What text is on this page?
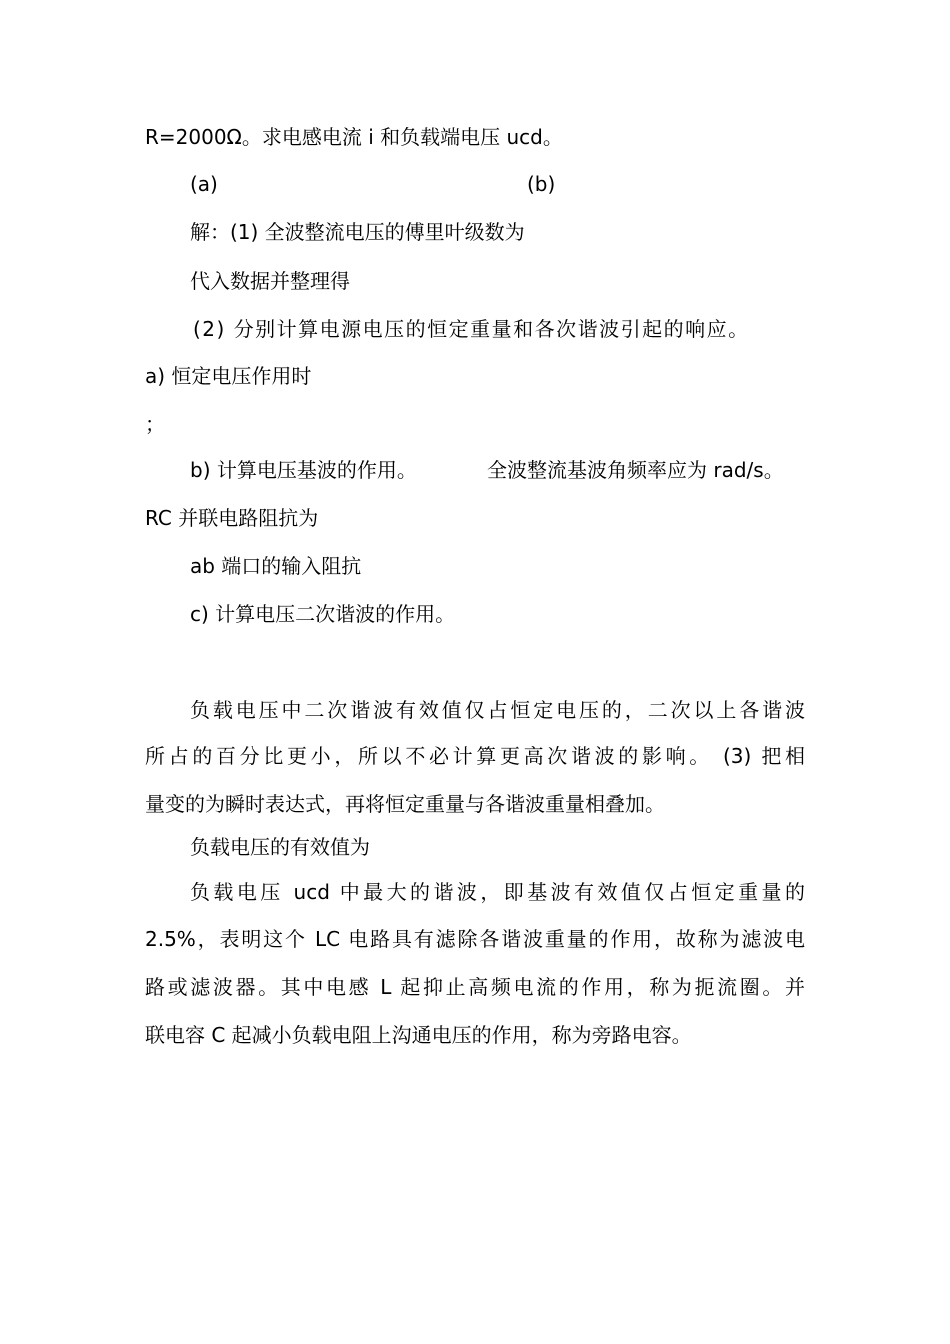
R=2000Ω。求电感电流 i 和负载端电压 ucd。
(a)	(b)
解：(1) 全波整流电压的傅里叶级数为
代入数据并整理得
(2) 分别计算电源电压的恒定重量和各次谐波引起的响应。
a) 恒定电压作用时
；
b) 计算电压基波的作用。	全波整流基波角频率应为 rad/s。
RC 并联电路阻抗为
ab 端口的输入阻抗
c) 计算电压二次谐波的作用。
负载电压中二次谐波有效值仅占恒定电压的，二次以上各谐波
所占的百分比更小，所以不必计算更高次谐波的影响。 (3) 把相
量变的为瞬时表达式，再将恒定重量与各谐波重量相叠加。
负载电压的有效值为
负载电压 ucd 中最大的谐波，即基波有效值仅占恒定重量的
2.5%，表明这个 LC 电路具有滤除各谐波重量的作用，故称为滤波电
路或滤波器。其中电感 L 起抑止高频电流的作用，称为扼流圈。并
联电容 C 起减小负载电阻上沟通电压的作用，称为旁路电容。
